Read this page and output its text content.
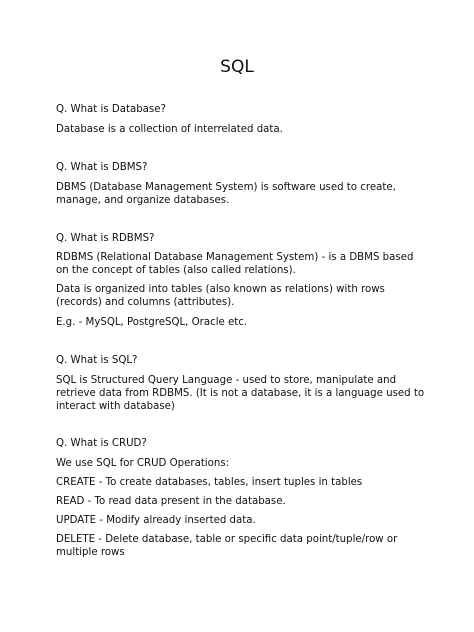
SQL
Q. What is Database?
Database is a collection of interrelated data.
Q. What is DBMS?
DBMS (Database Management System) is software used to create, manage, and organize databases.
Q. What is RDBMS?
RDBMS (Relational Database Management System) - is a DBMS based on the concept of tables (also called relations).
Data is organized into tables (also known as relations) with rows (records) and columns (attributes).
E.g. - MySQL, PostgreSQL, Oracle etc.
Q. What is SQL?
SQL is Structured Query Language - used to store, manipulate and retrieve data from RDBMS. (It is not a database, it is a language used to interact with database)
Q. What is CRUD?
We use SQL for CRUD Operations:
CREATE - To create databases, tables, insert tuples in tables
READ - To read data present in the database.
UPDATE - Modify already inserted data.
DELETE - Delete database, table or specific data point/tuple/row or multiple rows
